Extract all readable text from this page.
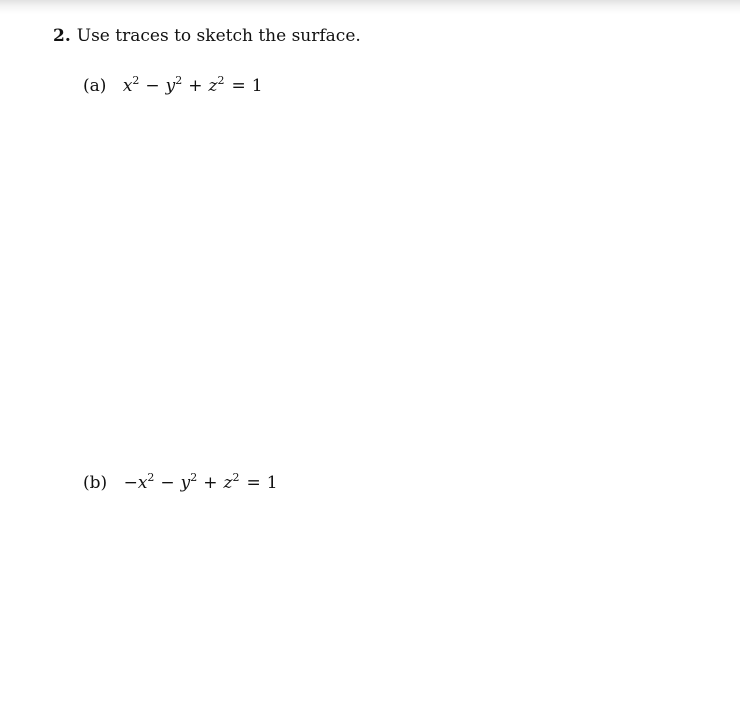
2. Use traces to sketch the surface.
(a) $x^2 - y^2 + z^2 = 1$
$(b) -x^2 - y^2 + z^2 = 1$
